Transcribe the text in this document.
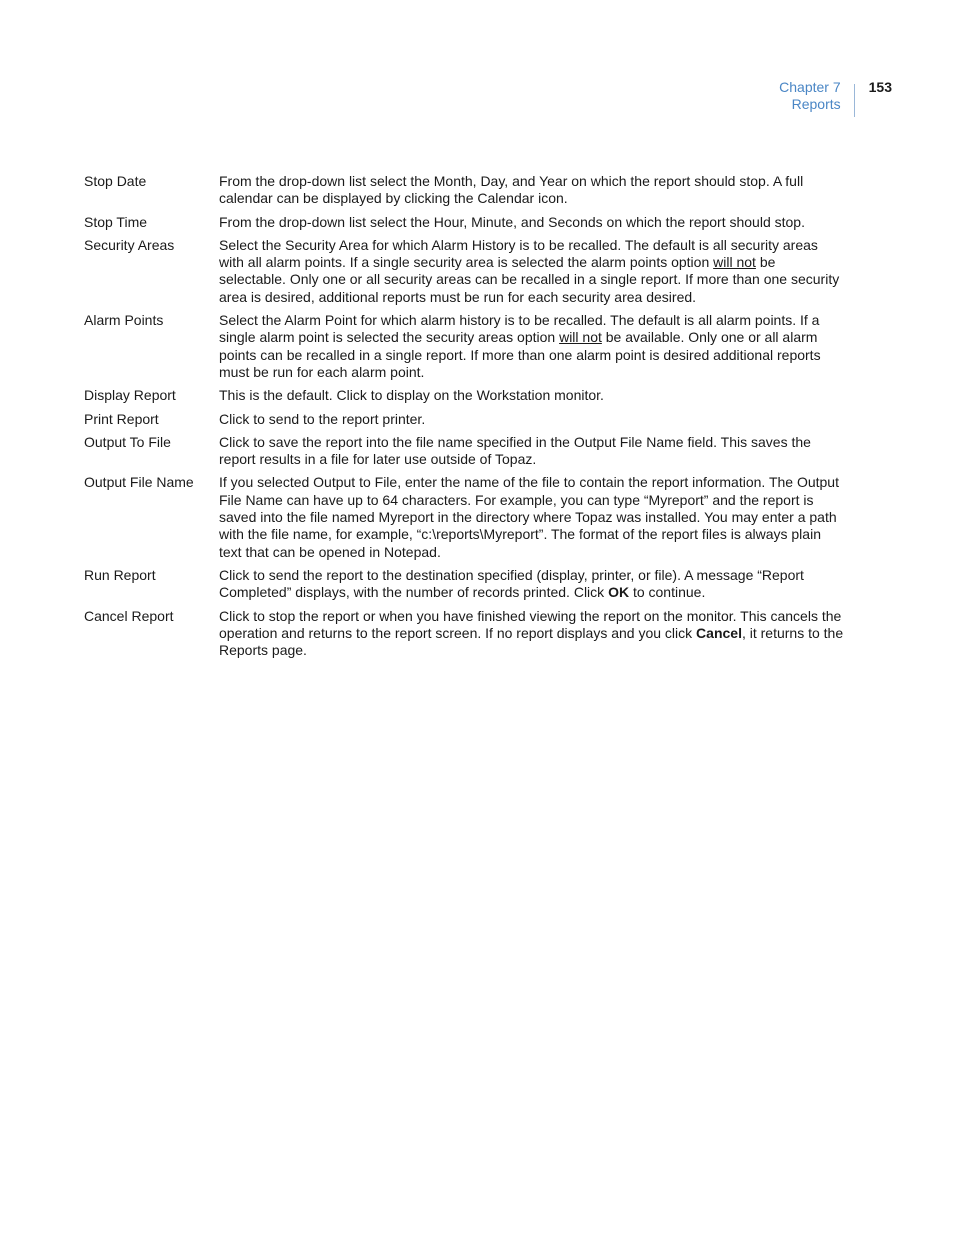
Chapter 7
Reports
153
Stop Date	From the drop-down list select the Month, Day, and Year on which the report should stop. A full calendar can be displayed by clicking the Calendar icon.
Stop Time	From the drop-down list select the Hour, Minute, and Seconds on which the report should stop.
Security Areas	Select the Security Area for which Alarm History is to be recalled. The default is all security areas with all alarm points. If a single security area is selected the alarm points option will not be selectable. Only one or all security areas can be recalled in a single report. If more than one security area is desired, additional reports must be run for each security area desired.
Alarm Points	Select the Alarm Point for which alarm history is to be recalled. The default is all alarm points. If a single alarm point is selected the security areas option will not be available. Only one or all alarm points can be recalled in a single report. If more than one alarm point is desired additional reports must be run for each alarm point.
Display Report	This is the default. Click to display on the Workstation monitor.
Print Report	Click to send to the report printer.
Output To File	Click to save the report into the file name specified in the Output File Name field. This saves the report results in a file for later use outside of Topaz.
Output File Name	If you selected Output to File, enter the name of the file to contain the report information. The Output File Name can have up to 64 characters. For example, you can type “Myreport” and the report is saved into the file named Myreport in the directory where Topaz was installed. You may enter a path with the file name, for example, “c:\reports\Myreport”. The format of the report files is always plain text that can be opened in Notepad.
Run Report	Click to send the report to the destination specified (display, printer, or file). A message “Report Completed” displays, with the number of records printed. Click OK to continue.
Cancel Report	Click to stop the report or when you have finished viewing the report on the monitor. This cancels the operation and returns to the report screen. If no report displays and you click Cancel, it returns to the Reports page.
